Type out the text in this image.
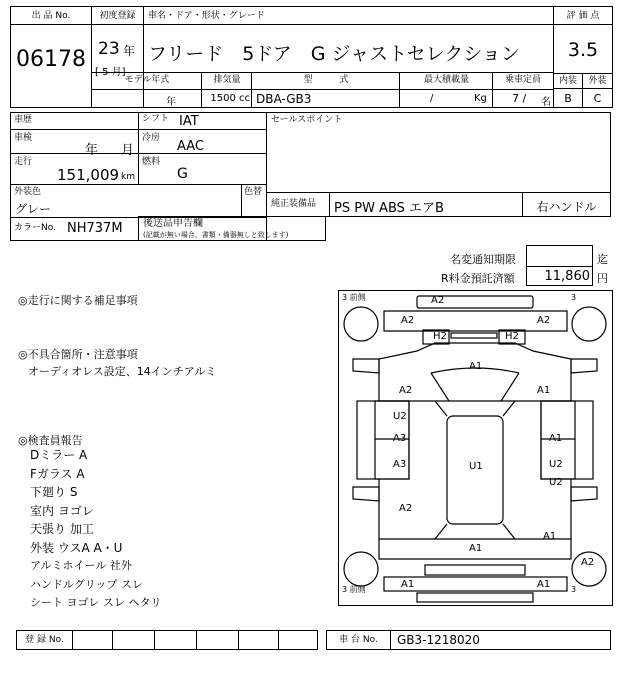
出 品 No.
06178
初度登録
23 年
[ 5 月]
車名・ドア・形状・グレード
フリード　5ドア　G ジャストセレクション
評 価 点
3.5
内装	外装
B	C
モデル年式
年
排気量
1500 cc
型　　　式
DBA-GB3
最大積載量
/	Kg
乗車定員
7 / 名
車歴	シフト IAT
車検
年 月
冷房
AAC
走行
151,009 km
燃料
G
外装色
グレー
色替
カラーNo. NH737M
セールスポイント
純正装備品 PS PW ABS エアB	右ハンドル
後送品申告欄
(記載が無い場合、書類・備器無しと致します)
名変通知期限	迄
R料金預託済額	11,860 円
◎走行に関する補足事項
◎不具合箇所・注意事項
オーディオレス設定、14インチアルミ
◎検査員報告
Dミラー A
Fガラス A
下廻り S
室内 ヨゴレ
天張り 加工
外装 ウスA A・U
アルミホイール 社外
ハンドルグリップ スレ
シート ヨゴレ スレ ヘタリ
3 前側	3
3 前側	3
A2
A2	A2
H2	H2
A1
A2	A1
U2
A3	A1
A3	U1	U2
U2
A2
A1
A1
A2
A1	A1
登 録 No.	車 台 No.	GB3-1218020
